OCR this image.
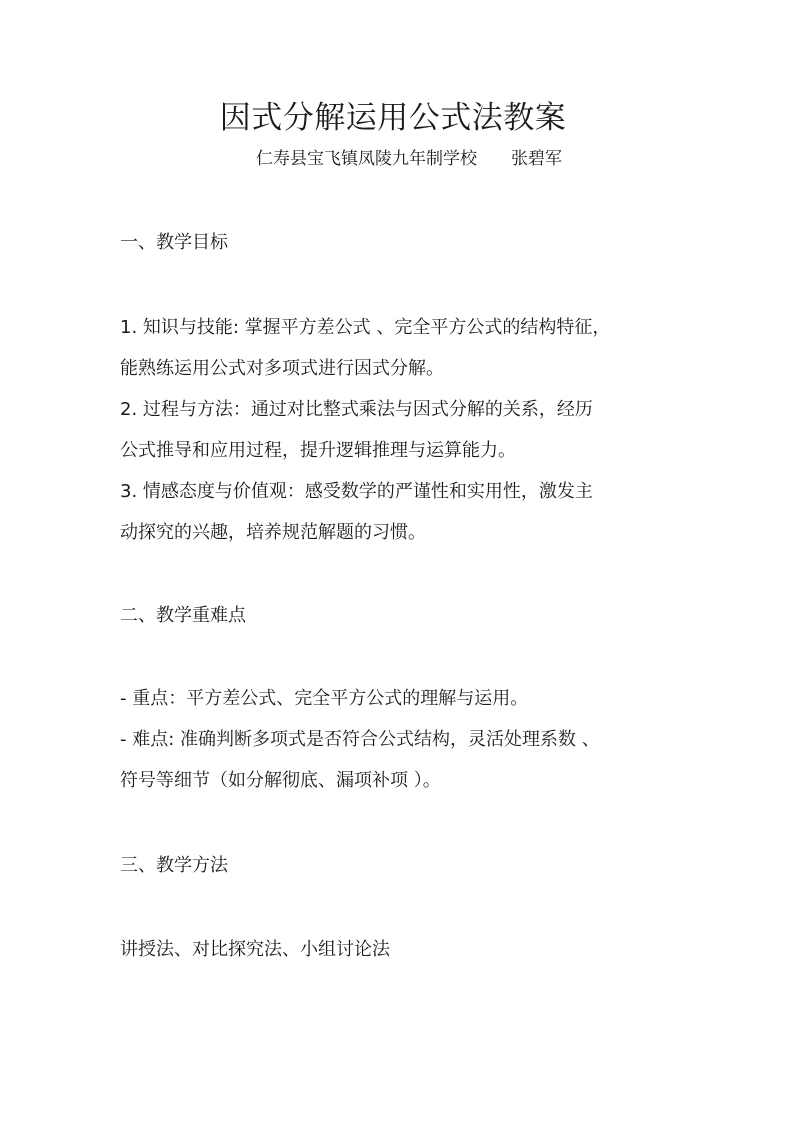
因式分解运用公式法教案
仁寿县宝飞镇凤陵九年制学校 张碧军
一、教学目标
1. 知识与技能: 掌握平方差公式 、完全平方公式的结构特征，
能熟练运用公式对多项式进行因式分解。
2. 过程与方法：通过对比整式乘法与因式分解的关系，经历
公式推导和应用过程，提升逻辑推理与运算能力。
3. 情感态度与价值观：感受数学的严谨性和实用性，激发主
动探究的兴趣，培养规范解题的习惯。
二、教学重难点
- 重点：平方差公式、完全平方公式的理解与运用。
- 难点: 准确判断多项式是否符合公式结构，灵活处理系数 、
符号等细节（如分解彻底、漏项补项 ）。
三、教学方法
讲授法、对比探究法、小组讨论法
